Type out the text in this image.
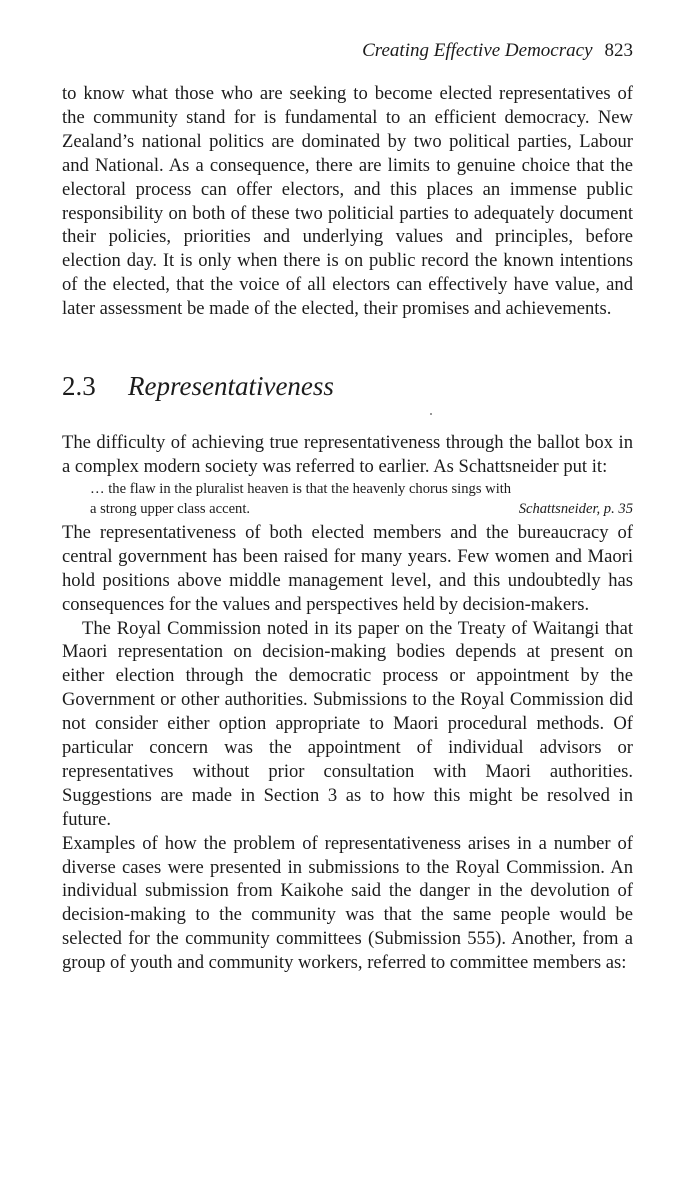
Creating Effective Democracy 823

to know what those who are seeking to become elected representatives of the community stand for is fundamental to an efficient democracy. New Zealand’s national politics are dominated by two political parties, Labour and National. As a consequence, there are limits to genuine choice that the electoral process can offer electors, and this places an immense public responsibility on both of these two politicial parties to adequately document their policies, priorities and underlying values and principles, before election day. It is only when there is on public record the known intentions of the elected, that the voice of all electors can effectively have value, and later assessment be made of the elected, their promises and achievements.

2.3 Representativeness

The difficulty of achieving true representativeness through the ballot box in a complex modern society was referred to earlier. As Schattsneider put it:

… the flaw in the pluralist heaven is that the heavenly chorus sings with
a strong upper class accent.	Schattsneider, p. 35

The representativeness of both elected members and the bureaucracy of central government has been raised for many years. Few women and Maori hold positions above middle management level, and this undoubtedly has consequences for the values and perspectives held by decision-makers.

The Royal Commission noted in its paper on the Treaty of Waitangi that Maori representation on decision-making bodies depends at present on either election through the democratic process or appointment by the Government or other authorities. Submissions to the Royal Commission did not consider either option appropriate to Maori procedural methods. Of particular concern was the appointment of individual advisors or representatives without prior consultation with Maori authorities. Suggestions are made in Section 3 as to how this might be resolved in future.

Examples of how the problem of representativeness arises in a number of diverse cases were presented in submissions to the Royal Commission. An individual submission from Kaikohe said the danger in the devolution of decision-making to the community was that the same people would be selected for the community committees (Submission 555). Another, from a group of youth and community workers, referred to committee members as:
